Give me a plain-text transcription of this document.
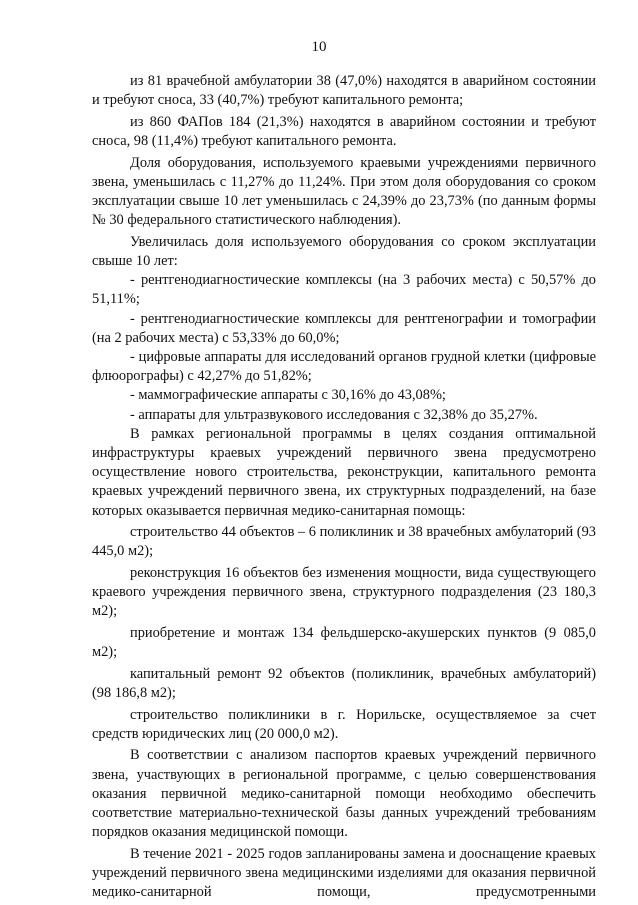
10

из 81 врачебной амбулатории 38 (47,0%) находятся в аварийном состоянии и требуют сноса, 33 (40,7%) требуют капитального ремонта;

из 860 ФАПов 184 (21,3%) находятся в аварийном состоянии и требуют сноса, 98 (11,4%) требуют капитального ремонта.

Доля оборудования, используемого краевыми учреждениями первичного звена, уменьшилась с 11,27% до 11,24%. При этом доля оборудования со сроком эксплуатации свыше 10 лет уменьшилась с 24,39% до 23,73% (по данным формы № 30 федерального статистического наблюдения).

Увеличилась доля используемого оборудования со сроком эксплуатации свыше 10 лет:

- рентгенодиагностические комплексы (на 3 рабочих места) с 50,57% до 51,11%;

- рентгенодиагностические комплексы для рентгенографии и томографии (на 2 рабочих места) с 53,33% до 60,0%;

- цифровые аппараты для исследований органов грудной клетки (цифровые флюорографы) с 42,27% до 51,82%;

- маммографические аппараты с 30,16% до 43,08%;

- аппараты для ультразвукового исследования с 32,38% до 35,27%.

В рамках региональной программы в целях создания оптимальной инфраструктуры краевых учреждений первичного звена предусмотрено осуществление нового строительства, реконструкции, капитального ремонта краевых учреждений первичного звена, их структурных подразделений, на базе которых оказывается первичная медико-санитарная помощь:

строительство 44 объектов – 6 поликлиник и 38 врачебных амбулаторий (93 445,0 м2);

реконструкция 16 объектов без изменения мощности, вида существующего краевого учреждения первичного звена, структурного подразделения (23 180,3 м2);

приобретение и монтаж 134 фельдшерско-акушерских пунктов (9 085,0 м2);

капитальный ремонт 92 объектов (поликлиник, врачебных амбулаторий) (98 186,8 м2);

строительство поликлиники в г. Норильске, осуществляемое за счет средств юридических лиц (20 000,0 м2).

В соответствии с анализом паспортов краевых учреждений первичного звена, участвующих в региональной программе, с целью совершенствования оказания первичной медико-санитарной помощи необходимо обеспечить соответствие материально-технической базы данных учреждений требованиям порядков оказания медицинской помощи.

В течение 2021 - 2025 годов запланированы замена и дооснащение краевых учреждений первичного звена медицинскими изделиями для оказания первичной медико-санитарной помощи, предусмотренными
